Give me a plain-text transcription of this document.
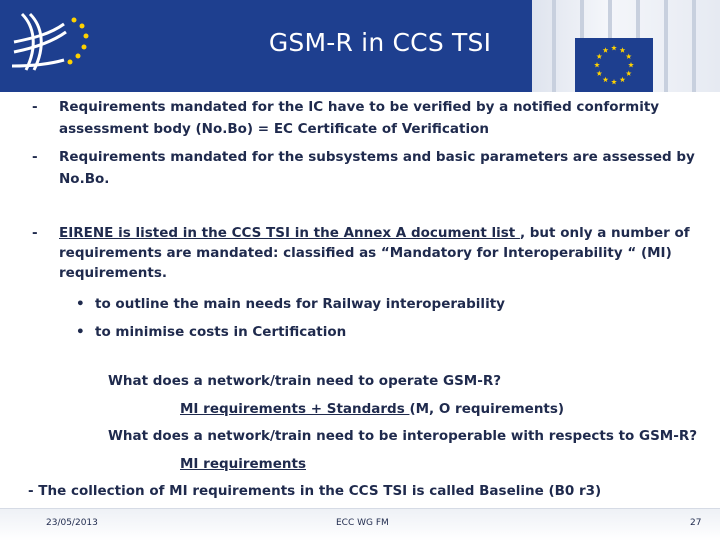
GSM-R in CCS TSI
- Requirements mandated for the IC have to be verified by a notified conformity
assessment body (No.Bo) = EC Certificate of Verification
- Requirements mandated for the subsystems and basic parameters are assessed by
No.Bo.
- EIRENE is listed in the CCS TSI in the Annex A document list , but only a number of
requirements are mandated: classified as “Mandatory for Interoperability “ (MI)
requirements.
• to outline the main needs for Railway interoperability
• to minimise costs in Certification
What does a network/train need to operate GSM-R?
MI requirements + Standards (M, O requirements)
What does a network/train need to be interoperable with respects to GSM-R?
MI requirements
- The collection of MI requirements in the CCS TSI is called Baseline (B0 r3)
23/05/2013	ECC WG FM	27
